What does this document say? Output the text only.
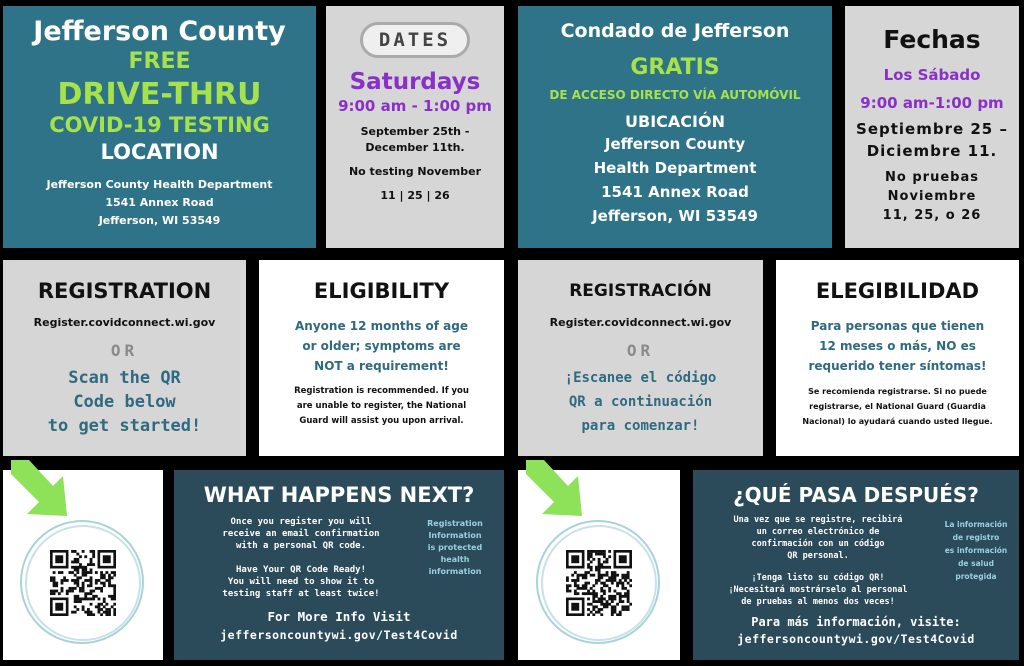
Jefferson County
FREE
DRIVE-THRU
COVID-19 TESTING
LOCATION
Jefferson County Health Department
1541 Annex Road
Jefferson, WI 53549
DATES
Saturdays
9:00 am - 1:00 pm
September 25th -
December 11th.
No testing November
11 | 25 | 26
Condado de Jefferson
GRATIS
DE ACCESO DIRECTO VÍA AUTOMÓVIL
UBICACIÓN
Jefferson County
Health Department
1541 Annex Road
Jefferson, WI 53549
Fechas
Los Sábado
9:00 am-1:00 pm
Septiembre 25 –
Diciembre 11.
No pruebas
Noviembre
11, 25, o 26
REGISTRATION
Register.covidconnect.wi.gov
OR
Scan the QR
Code below
to get started!
ELIGIBILITY
Anyone 12 months of age
or older; symptoms are
NOT a requirement!
Registration is recommended. If you
are unable to register, the National
Guard will assist you upon arrival.
REGISTRACIÓN
Register.covidconnect.wi.gov
OR
¡Escanee el código
QR a continuación
para comenzar!
ELEGIBILIDAD
Para personas que tienen
12 meses o más, NO es
requerido tener síntomas!
Se recomienda registrarse. Si no puede
registrarse, el National Guard (Guardia
Nacional) lo ayudará cuando usted llegue.
WHAT HAPPENS NEXT?
Once you register you will
receive an email confirmation
with a personal QR code.
Have Your QR Code Ready!
You will need to show it to
testing staff at least twice!
Registration
Information
is protected
health
information
For More Info Visit
jeffersoncountywi.gov/Test4Covid
¿QUÉ PASA DESPUÉS?
Una vez que se registre, recibirá
un correo electrónico de
confirmación con un código
QR personal.
¡Tenga listo su código QR!
¡Necesitará mostrárselo al personal
de pruebas al menos dos veces!
La información
de registro
es información
de salud
protegida
Para más información, visite:
jeffersoncountywi.gov/Test4Covid
